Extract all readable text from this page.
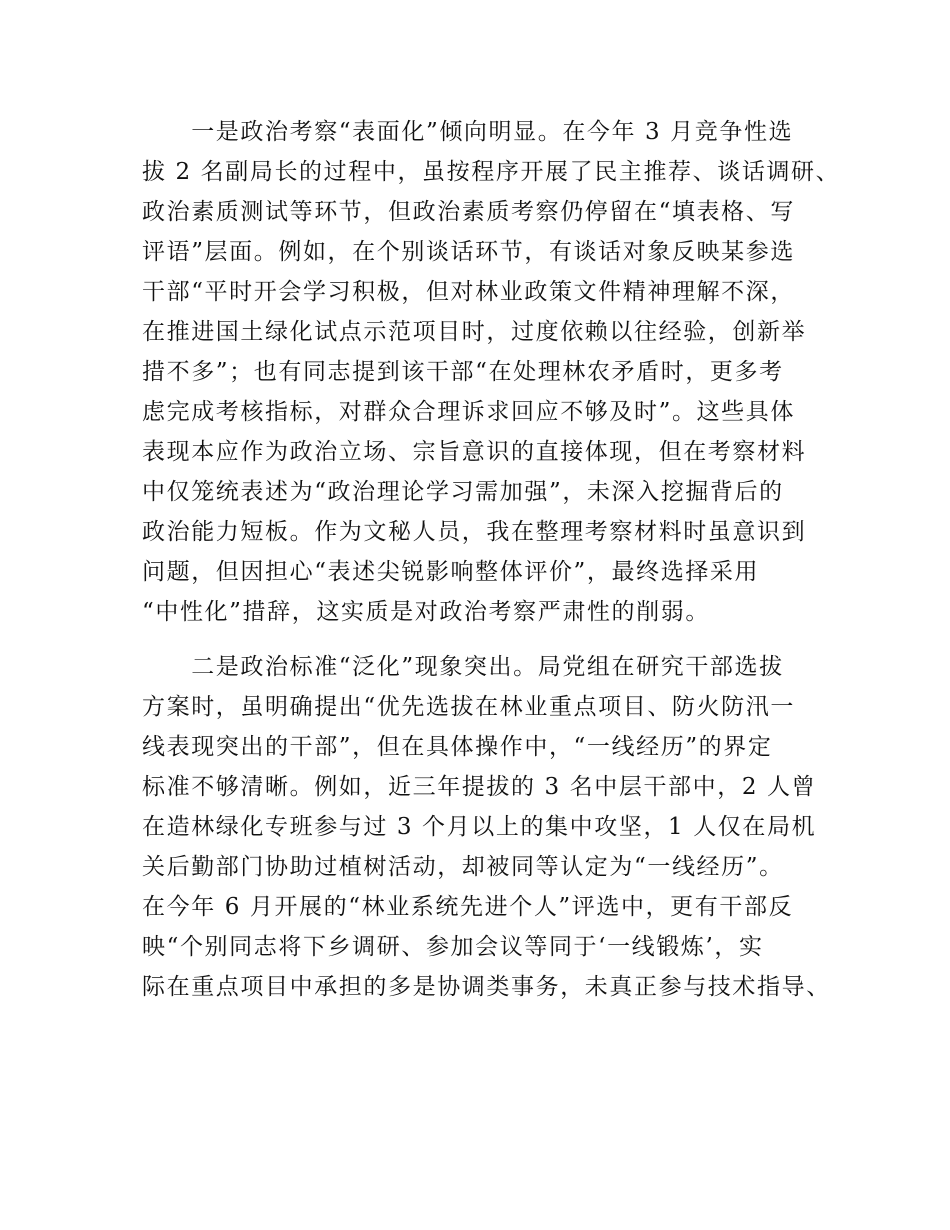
　　一是政治考察“表面化”倾向明显。在今年 3 月竞争性选
拔 2 名副局长的过程中，虽按程序开展了民主推荐、谈话调研、
政治素质测试等环节，但政治素质考察仍停留在“填表格、写
评语”层面。例如，在个别谈话环节，有谈话对象反映某参选
干部“平时开会学习积极，但对林业政策文件精神理解不深，
在推进国土绿化试点示范项目时，过度依赖以往经验，创新举
措不多”；也有同志提到该干部“在处理林农矛盾时，更多考
虑完成考核指标，对群众合理诉求回应不够及时”。这些具体
表现本应作为政治立场、宗旨意识的直接体现，但在考察材料
中仅笼统表述为“政治理论学习需加强”，未深入挖掘背后的
政治能力短板。作为文秘人员，我在整理考察材料时虽意识到
问题，但因担心“表述尖锐影响整体评价”，最终选择采用
“中性化”措辞，这实质是对政治考察严肃性的削弱。
　　二是政治标准“泛化”现象突出。局党组在研究干部选拔
方案时，虽明确提出“优先选拔在林业重点项目、防火防汛一
线表现突出的干部”，但在具体操作中，“一线经历”的界定
标准不够清晰。例如，近三年提拔的 3 名中层干部中，2 人曾
在造林绿化专班参与过 3 个月以上的集中攻坚，1 人仅在局机
关后勤部门协助过植树活动，却被同等认定为“一线经历”。
在今年 6 月开展的“林业系统先进个人”评选中，更有干部反
映“个别同志将下乡调研、参加会议等同于‘一线锻炼’，实
际在重点项目中承担的多是协调类事务，未真正参与技术指导、
